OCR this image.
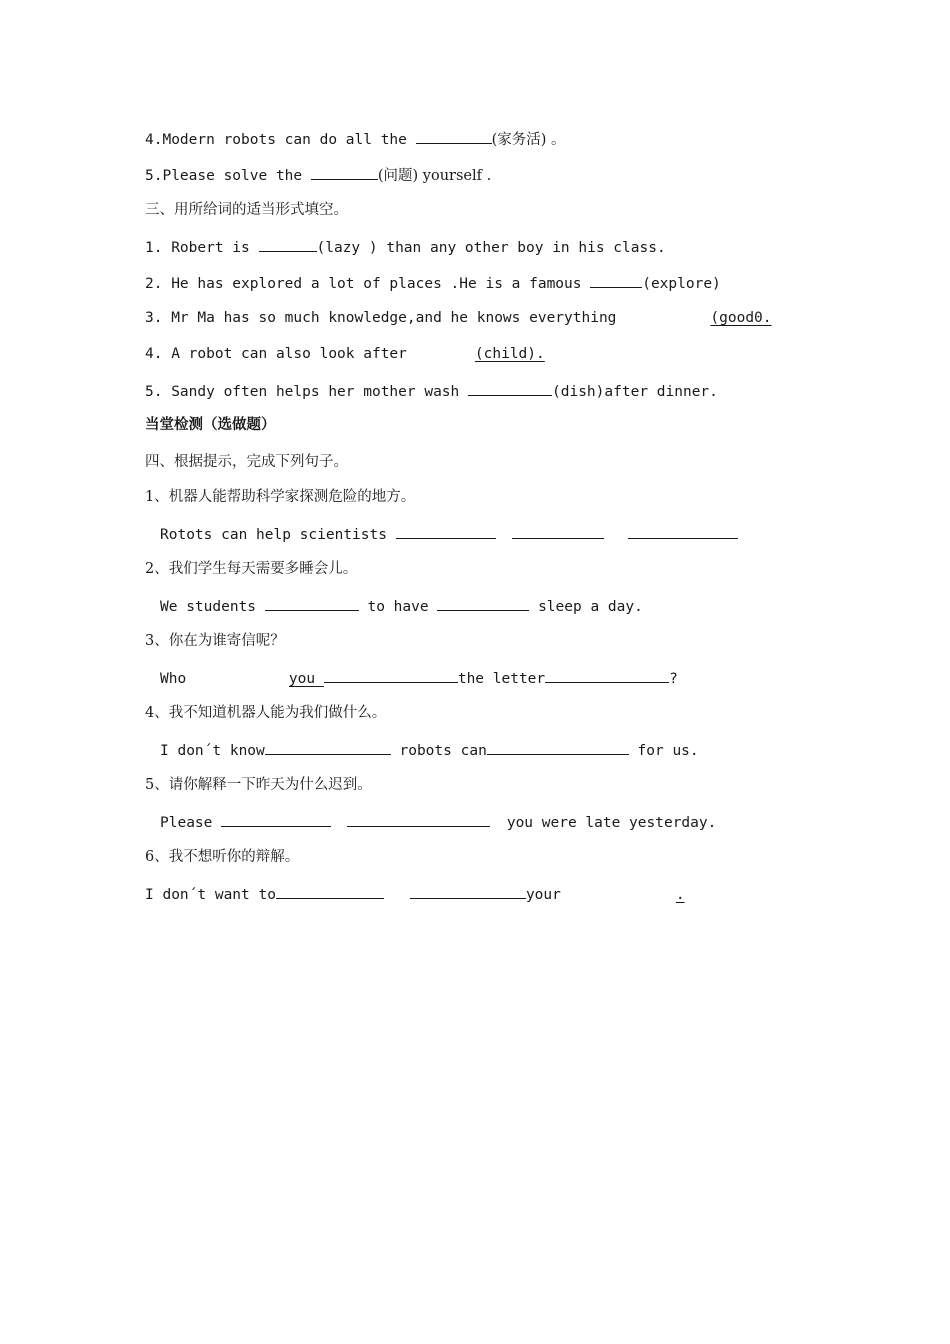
4.Modern robots can do all the	(家务活) 。
5.Please solve the	(问题) yourself .
三、用所给词的适当形式填空。
1. Robert is	(lazy ) than any other boy in his class.
2. He has explored a lot of places .He is a famous	(explore)
3. Mr Ma has so much knowledge,and he knows everything	(good0.
4. A robot can also look after	(child).
5. Sandy often helps her mother wash	(dish)after dinner.
当堂检测（选做题）
四、根据提示，完成下列句子。
1、机器人能帮助科学家探测危险的地方。
Rotots can help scientists
2、我们学生每天需要多睡会儿。
We students	to have	sleep a day.
3、你在为谁寄信呢？
Who	you	the letter	?
4、我不知道机器人能为我们做什么。
I don´t know	robots can	for us.
5、请你解释一下昨天为什么迟到。
Please	you were late yesterday.
6、我不想听你的辩解。
I don´t want to	your	.
